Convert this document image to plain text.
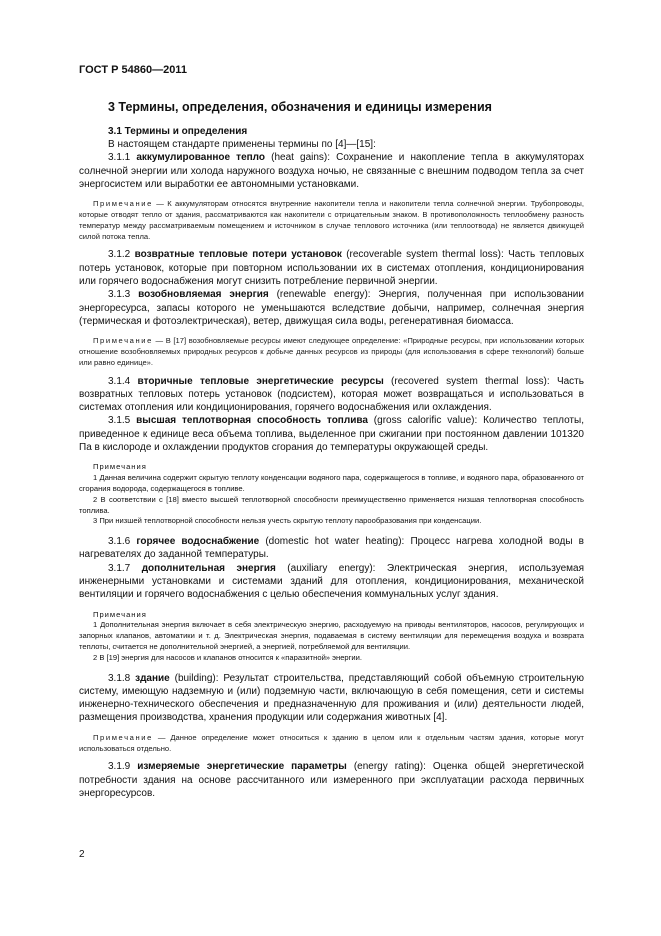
ГОСТ Р 54860—2011
3 Термины, определения, обозначения и единицы измерения
3.1 Термины и определения

В настоящем стандарте применены термины по [4]—[15]:

3.1.1 аккумулированное тепло (heat gains): Сохранение и накопление тепла в аккумуляторах солнечной энергии или холода наружного воздуха ночью, не связанные с внешним подводом тепла за счет энергосистем или выработки ее автономными установками.

Примечание — К аккумуляторам относятся внутренние накопители тепла и накопители тепла солнечной энергии. Трубопроводы, которые отводят тепло от здания, рассматриваются как накопители с отрицательным знаком. В противоположность теплообмену разность температур между рассматриваемым помещением и источником в случае теплового источника (или теплоотвода) не является движущей силой потока тепла.

3.1.2 возвратные тепловые потери установок (recoverable system thermal loss): Часть тепловых потерь установок, которые при повторном использовании их в системах отопления, кондиционирования или горячего водоснабжения могут снизить потребление первичной энергии.

3.1.3 возобновляемая энергия (renewable energy): Энергия, полученная при использовании энергоресурса, запасы которого не уменьшаются вследствие добычи, например, солнечная энергия (термическая и фотоэлектрическая), ветер, движущая сила воды, регенеративная биомасса.

Примечание — В [17] возобновляемые ресурсы имеют следующее определение: «Природные ресурсы, при использовании которых отношение возобновляемых природных ресурсов к добыче данных ресурсов из природы (для использования в сфере технологий) больше или равно единице».

3.1.4 вторичные тепловые энергетические ресурсы (recovered system thermal loss): Часть возвратных тепловых потерь установок (подсистем), которая может возвращаться и использоваться в системах отопления или кондиционирования, горячего водоснабжения или охлаждения.

3.1.5 высшая теплотворная способность топлива (gross calorific value): Количество теплоты, приведенное к единице веса объема топлива, выделенное при сжигании при постоянном давлении 101320 Па в кислороде и охлаждении продуктов сгорания до температуры окружающей среды.

Примечания

1 Данная величина содержит скрытую теплоту конденсации водяного пара, содержащегося в топливе, и водяного пара, образованного от сгорания водорода, содержащегося в топливе.

2 В соответствии с [18] вместо высшей теплотворной способности преимущественно применяется низшая теплотворная способность топлива.

3 При низшей теплотворной способности нельзя учесть скрытую теплоту парообразования при конденсации.

3.1.6 горячее водоснабжение (domestic hot water heating): Процесс нагрева холодной воды в нагревателях до заданной температуры.

3.1.7 дополнительная энергия (auxiliary energy): Электрическая энергия, используемая инженерными установками и системами зданий для отопления, кондиционирования, механической вентиляции и горячего водоснабжения с целью обеспечения коммунальных услуг здания.

Примечания

1 Дополнительная энергия включает в себя электрическую энергию, расходуемую на приводы вентиляторов, насосов, регулирующих и запорных клапанов, автоматики и т. д. Электрическая энергия, подаваемая в систему вентиляции для перемещения воздуха и возврата теплоты, считается не дополнительной энергией, а энергией, потребляемой для вентиляции.

2 В [19] энергия для насосов и клапанов относится к «паразитной» энергии.

3.1.8 здание (building): Результат строительства, представляющий собой объемную строительную систему, имеющую надземную и (или) подземную части, включающую в себя помещения, сети и системы инженерно-технического обеспечения и предназначенную для проживания и (или) деятельности людей, размещения производства, хранения продукции или содержания животных [4].

Примечание — Данное определение может относиться к зданию в целом или к отдельным частям здания, которые могут использоваться отдельно.

3.1.9 измеряемые энергетические параметры (energy rating): Оценка общей энергетической потребности здания на основе рассчитанного или измеренного при эксплуатации расхода первичных энергоресурсов.

2
